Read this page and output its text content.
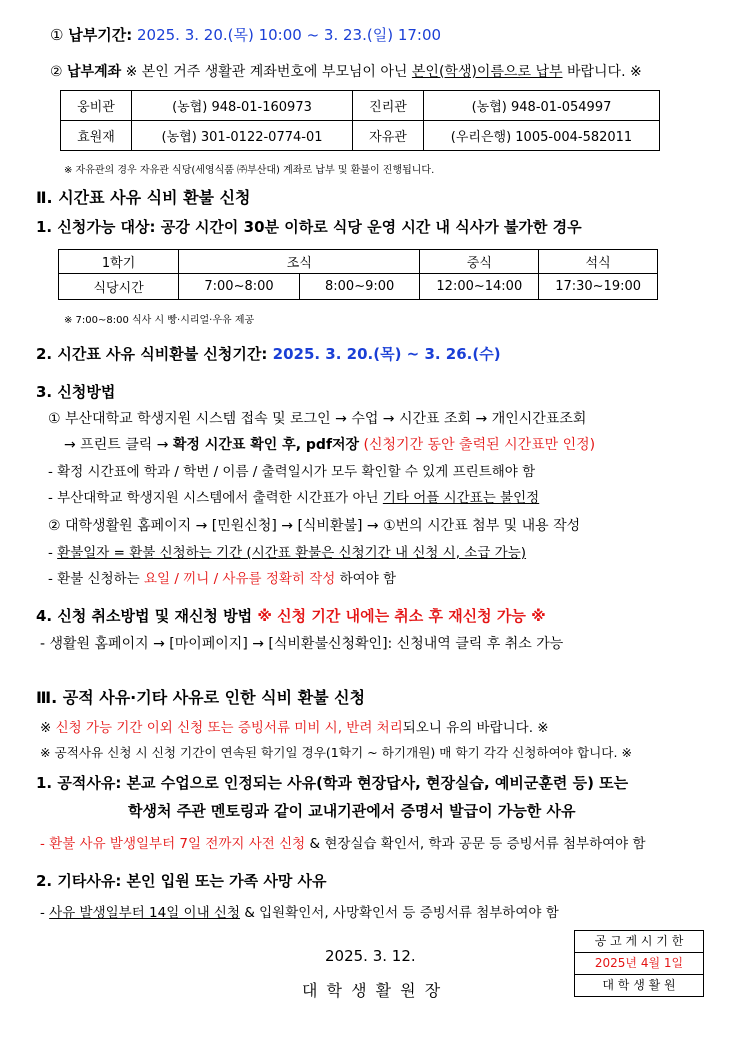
① 납부기간: 2025. 3. 20.(목) 10:00 ~ 3. 23.(일) 17:00
② 납부계좌 ※ 본인 거주 생활관 계좌번호에 부모님이 아닌 본인(학생)이름으로 납부 바랍니다. ※
웅비관	(농협) 948-01-160973	진리관	(농협) 948-01-054997
효원재	(농협) 301-0122-0774-01	자유관	(우리은행) 1005-004-582011
※ 자유관의 경우 자유관 식당(세영식품 ㈜부산대) 계좌로 납부 및 환불이 진행됩니다.
Ⅱ. 시간표 사유 식비 환불 신청
1. 신청가능 대상: 공강 시간이 30분 이하로 식당 운영 시간 내 식사가 불가한 경우
1학기	조식		중식	석식
식당시간	7:00~8:00	8:00~9:00	12:00~14:00	17:30~19:00
※ 7:00~8:00 식사 시 빵·시리얼·우유 제공
2. 시간표 사유 식비환불 신청기간: 2025. 3. 20.(목) ~ 3. 26.(수)
3. 신청방법
① 부산대학교 학생지원 시스템 접속 및 로그인 → 수업 → 시간표 조회 → 개인시간표조회
→ 프린트 클릭 → 확정 시간표 확인 후, pdf저장 (신청기간 동안 출력된 시간표만 인정)
- 확정 시간표에 학과 / 학번 / 이름 / 출력일시가 모두 확인할 수 있게 프린트해야 함
- 부산대학교 학생지원 시스템에서 출력한 시간표가 아닌 기타 어플 시간표는 불인정
② 대학생활원 홈페이지 → [민원신청] → [식비환불] → ①번의 시간표 첨부 및 내용 작성
- 환불일자 = 환불 신청하는 기간 (시간표 환불은 신청기간 내 신청 시, 소급 가능)
- 환불 신청하는 요일 / 끼니 / 사유를 정확히 작성 하여야 함
4. 신청 취소방법 및 재신청 방법 ※ 신청 기간 내에는 취소 후 재신청 가능 ※
- 생활원 홈페이지 → [마이페이지] → [식비환불신청확인]: 신청내역 클릭 후 취소 가능
Ⅲ. 공적 사유·기타 사유로 인한 식비 환불 신청
※ 신청 가능 기간 이외 신청 또는 증빙서류 미비 시, 반려 처리되오니 유의 바랍니다. ※
※ 공적사유 신청 시 신청 기간이 연속된 학기일 경우(1학기 ~ 하기개원) 매 학기 각각 신청하여야 합니다. ※
1. 공적사유: 본교 수업으로 인정되는 사유(학과 현장답사, 현장실습, 예비군훈련 등) 또는
학생처 주관 멘토링과 같이 교내기관에서 증명서 발급이 가능한 사유
- 환불 사유 발생일부터 7일 전까지 사전 신청 & 현장실습 확인서, 학과 공문 등 증빙서류 첨부하여야 함
2. 기타사유: 본인 입원 또는 가족 사망 사유
- 사유 발생일부터 14일 이내 신청 & 입원확인서, 사망확인서 등 증빙서류 첨부하여야 함
2025. 3. 12.
대 학 생 활 원 장
공 고 게 시 기 한
2025년 4월 1일
대 학 생 활 원
